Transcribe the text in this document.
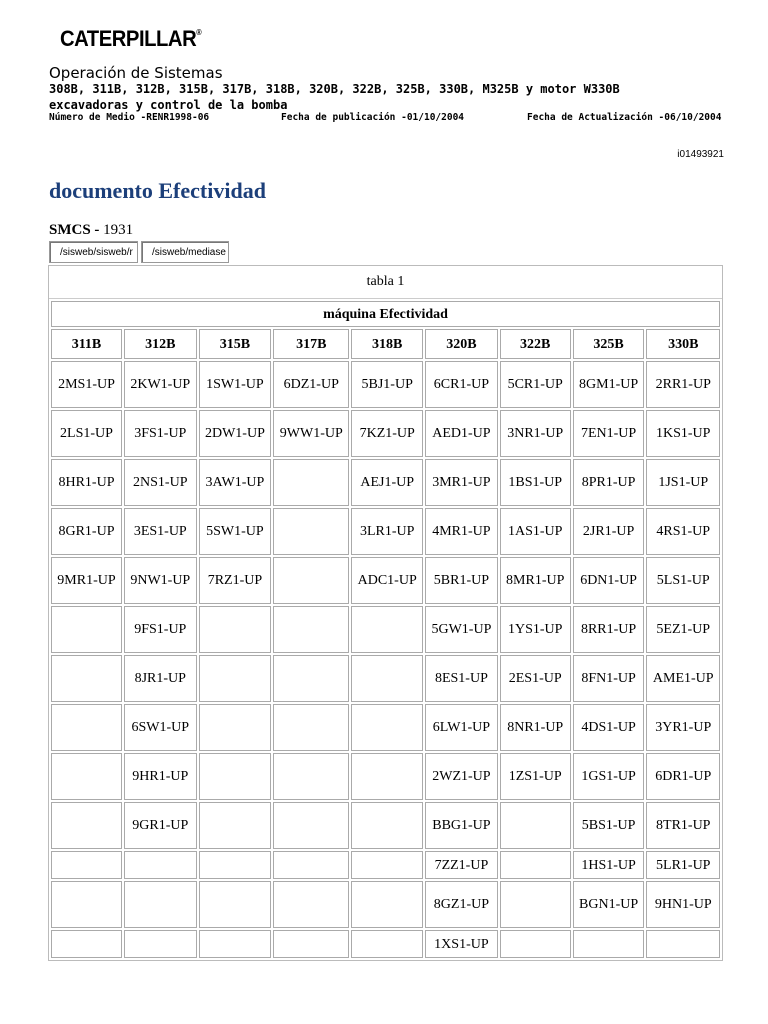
CATERPILLAR®
Operación de Sistemas
308B, 311B, 312B, 315B, 317B, 318B, 320B, 322B, 325B, 330B, M325B y motor W330B
excavadoras y control de la bomba
Número de Medio -RENR1998-06	Fecha de publicación -01/10/2004	Fecha de Actualización -06/10/2004
i01493921
documento Efectividad
SMCS - 1931
/sisweb/sisweb/r	/sisweb/mediase
tabla 1
máquina Efectividad								
311B	312B	315B	317B	318B	320B	322B	325B	330B
2MS1-UP	2KW1-UP	1SW1-UP	6DZ1-UP	5BJ1-UP	6CR1-UP	5CR1-UP	8GM1-UP	2RR1-UP
2LS1-UP	3FS1-UP	2DW1-UP	9WW1-UP	7KZ1-UP	AED1-UP	3NR1-UP	7EN1-UP	1KS1-UP
8HR1-UP	2NS1-UP	3AW1-UP		AEJ1-UP	3MR1-UP	1BS1-UP	8PR1-UP	1JS1-UP
8GR1-UP	3ES1-UP	5SW1-UP		3LR1-UP	4MR1-UP	1AS1-UP	2JR1-UP	4RS1-UP
9MR1-UP	9NW1-UP	7RZ1-UP		ADC1-UP	5BR1-UP	8MR1-UP	6DN1-UP	5LS1-UP
	9FS1-UP				5GW1-UP	1YS1-UP	8RR1-UP	5EZ1-UP
	8JR1-UP				8ES1-UP	2ES1-UP	8FN1-UP	AME1-UP
	6SW1-UP				6LW1-UP	8NR1-UP	4DS1-UP	3YR1-UP
	9HR1-UP				2WZ1-UP	1ZS1-UP	1GS1-UP	6DR1-UP
	9GR1-UP				BBG1-UP		5BS1-UP	8TR1-UP
					7ZZ1-UP		1HS1-UP	5LR1-UP
					8GZ1-UP		BGN1-UP	9HN1-UP
					1XS1-UP			
